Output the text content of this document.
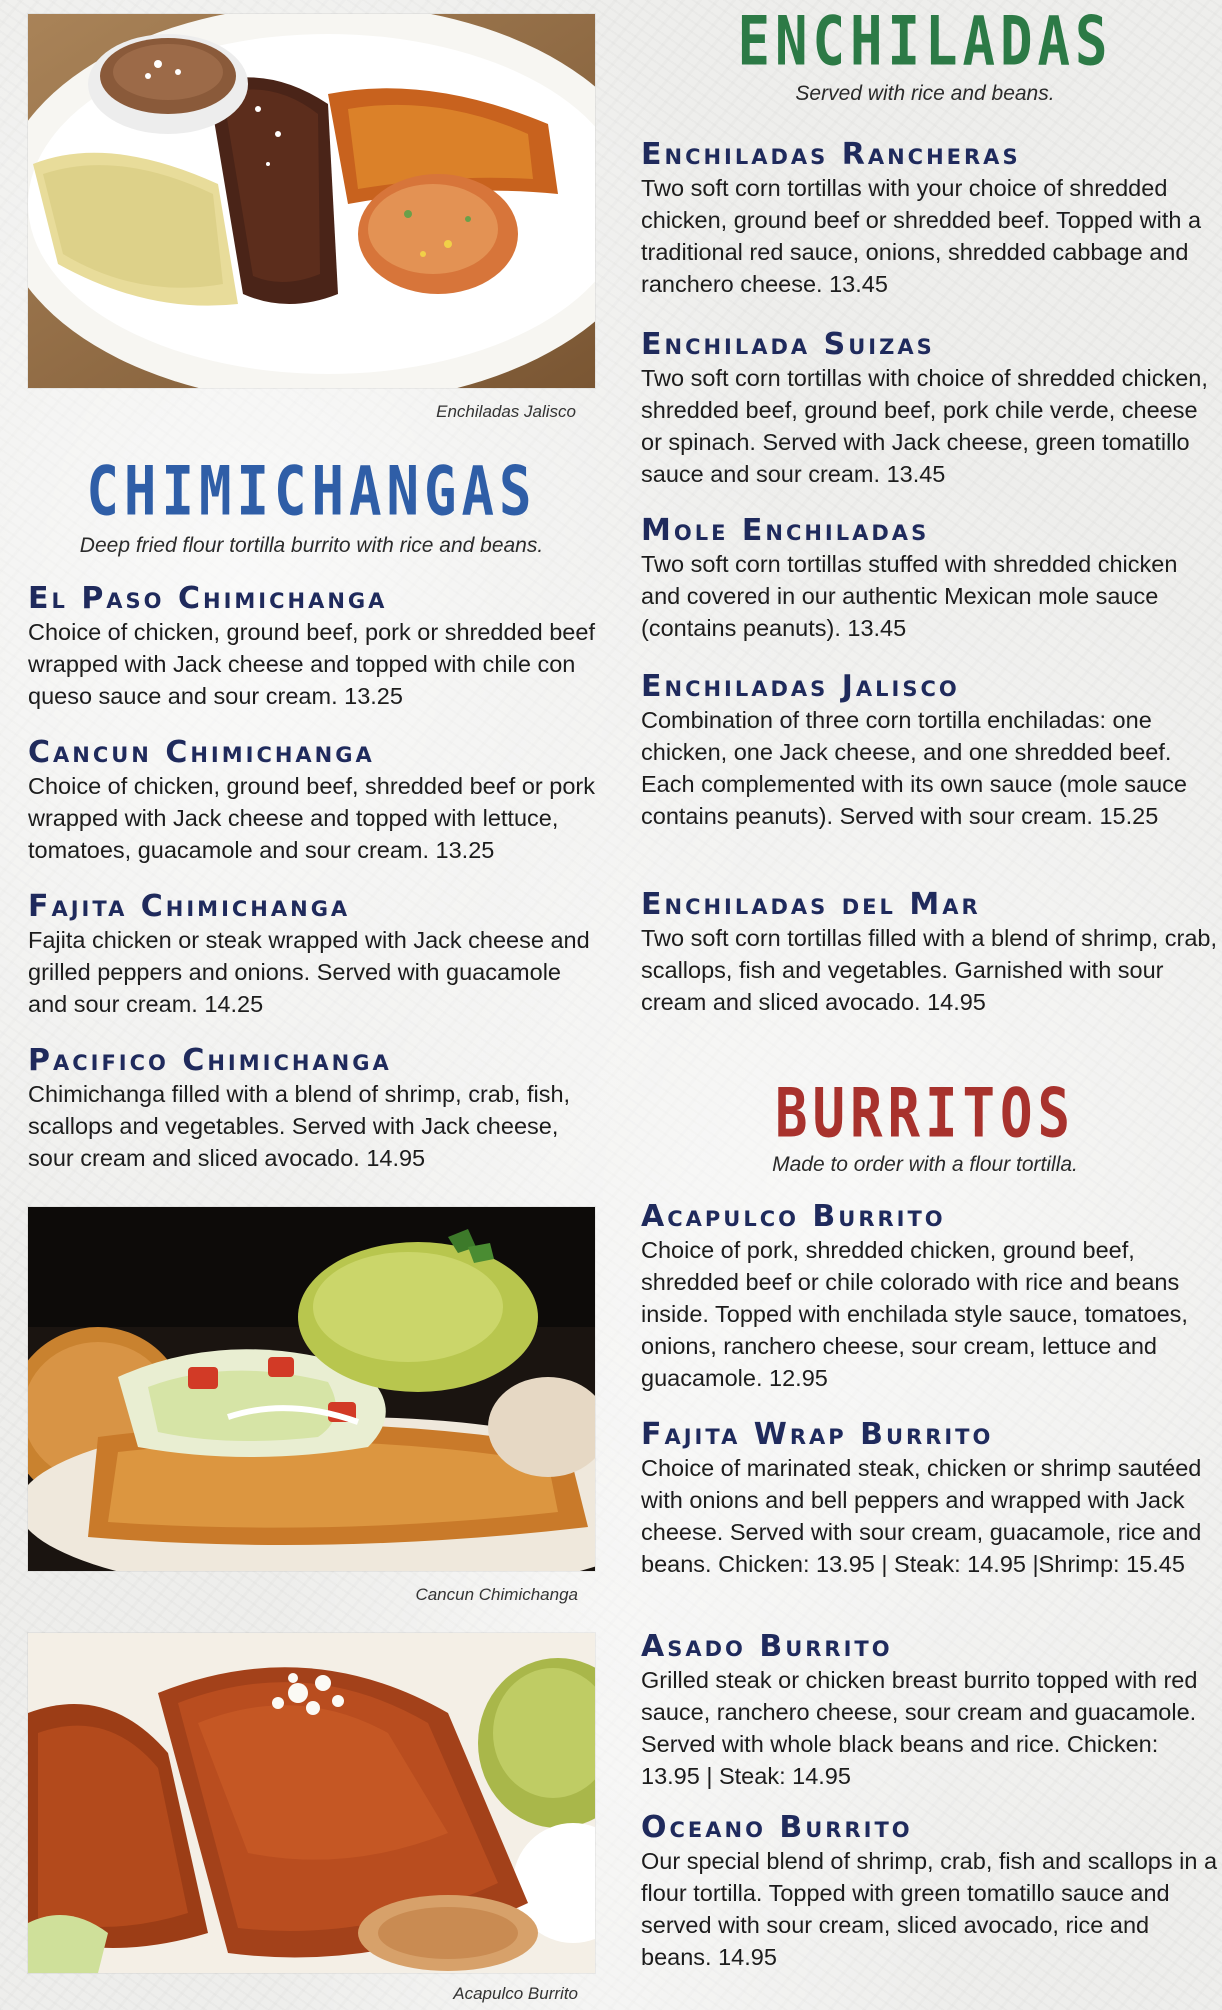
Enchiladas Jalisco
CHIMICHANGAS
Deep fried flour tortilla burrito with rice and beans.

El Paso Chimichanga

Choice of chicken, ground beef, pork or shredded beef wrapped with Jack cheese and topped with chile con queso sauce and sour cream. 13.25

Cancun Chimichanga

Choice of chicken, ground beef, shredded beef or pork wrapped with Jack cheese and topped with lettuce, tomatoes, guacamole and sour cream. 13.25

Fajita Chimichanga

Fajita chicken or steak wrapped with Jack cheese and grilled peppers and onions. Served with guacamole and sour cream. 14.25

Pacifico Chimichanga

Chimichanga filled with a blend of shrimp, crab, fish, scallops and vegetables. Served with Jack cheese, sour cream and sliced avocado. 14.95

Cancun Chimichanga
Acapulco Burrito
ENCHILADAS
Served with rice and beans.

Enchiladas Rancheras

Two soft corn tortillas with your choice of shredded chicken, ground beef or shredded beef. Topped with a traditional red sauce, onions, shredded cabbage and ranchero cheese. 13.45

Enchilada Suizas

Two soft corn tortillas with choice of shredded chicken, shredded beef, ground beef, pork chile verde, cheese or spinach. Served with Jack cheese, green tomatillo sauce and sour cream. 13.45

Mole Enchiladas

Two soft corn tortillas stuffed with shredded chicken and covered in our authentic Mexican mole sauce (contains peanuts). 13.45

Enchiladas Jalisco

Combination of three corn tortilla enchiladas: one chicken, one Jack cheese, and one shredded beef. Each complemented with its own sauce (mole sauce contains peanuts). Served with sour cream. 15.25

Enchiladas del Mar

Two soft corn tortillas filled with a blend of shrimp, crab, scallops, fish and vegetables. Garnished with sour cream and sliced avocado. 14.95

BURRITOS
Made to order with a flour tortilla.

Acapulco Burrito

Choice of pork, shredded chicken, ground beef, shredded beef or chile colorado with rice and beans inside. Topped with enchilada style sauce, tomatoes, onions, ranchero cheese, sour cream, lettuce and guacamole. 12.95

Fajita Wrap Burrito

Choice of marinated steak, chicken or shrimp sautéed with onions and bell peppers and wrapped with Jack cheese. Served with sour cream, guacamole, rice and beans. Chicken: 13.95 | Steak: 14.95 |Shrimp: 15.45

Asado Burrito

Grilled steak or chicken breast burrito topped with red sauce, ranchero cheese, sour cream and guacamole. Served with whole black beans and rice. Chicken: 13.95 | Steak: 14.95

Oceano Burrito

Our special blend of shrimp, crab, fish and scallops in a flour tortilla. Topped with green tomatillo sauce and served with sour cream, sliced avocado, rice and beans. 14.95
